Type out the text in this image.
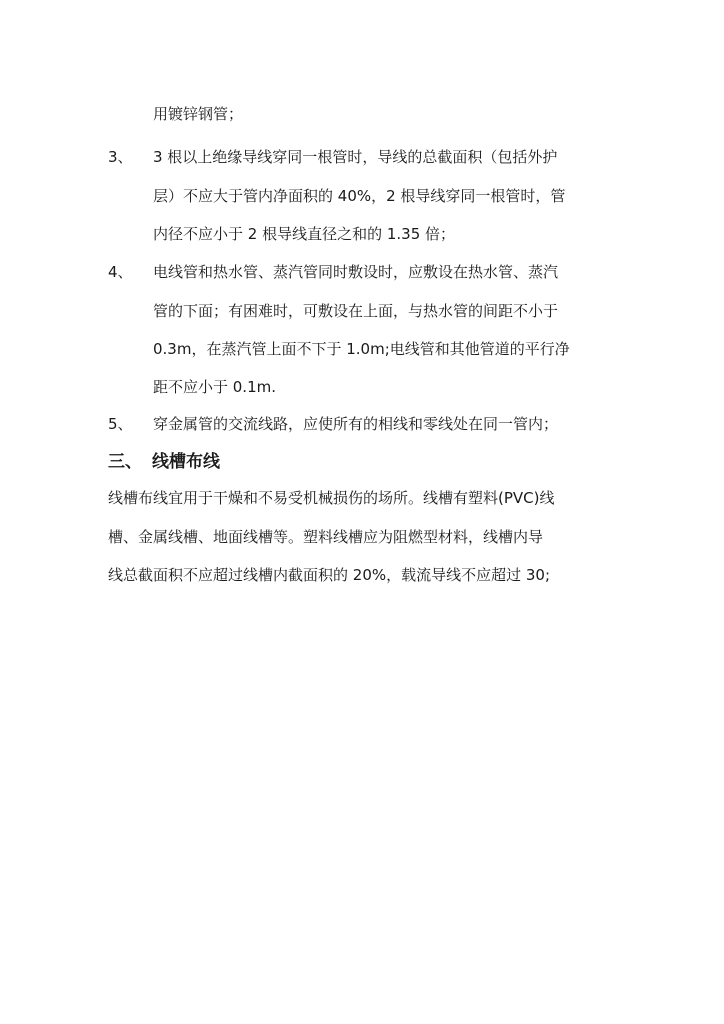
用镀锌钢管；
3、 3 根以上绝缘导线穿同一根管时，导线的总截面积（包括外护
层）不应大于管内净面积的 40%，2 根导线穿同一根管时，管
内径不应小于 2 根导线直径之和的 1.35 倍；
4、 电线管和热水管、蒸汽管同时敷设时，应敷设在热水管、蒸汽
管的下面；有困难时，可敷设在上面，与热水管的间距不小于
0.3m，在蒸汽管上面不下于 1.0m;电线管和其他管道的平行净
距不应小于 0.1m.
5、 穿金属管的交流线路，应使所有的相线和零线处在同一管内；
三、 线槽布线
线槽布线宜用于干燥和不易受机械损伤的场所。线槽有塑料(PVC)线
槽、金属线槽、地面线槽等。塑料线槽应为阻燃型材料，线槽内导
线总截面积不应超过线槽内截面积的 20%，载流导线不应超过 30;
